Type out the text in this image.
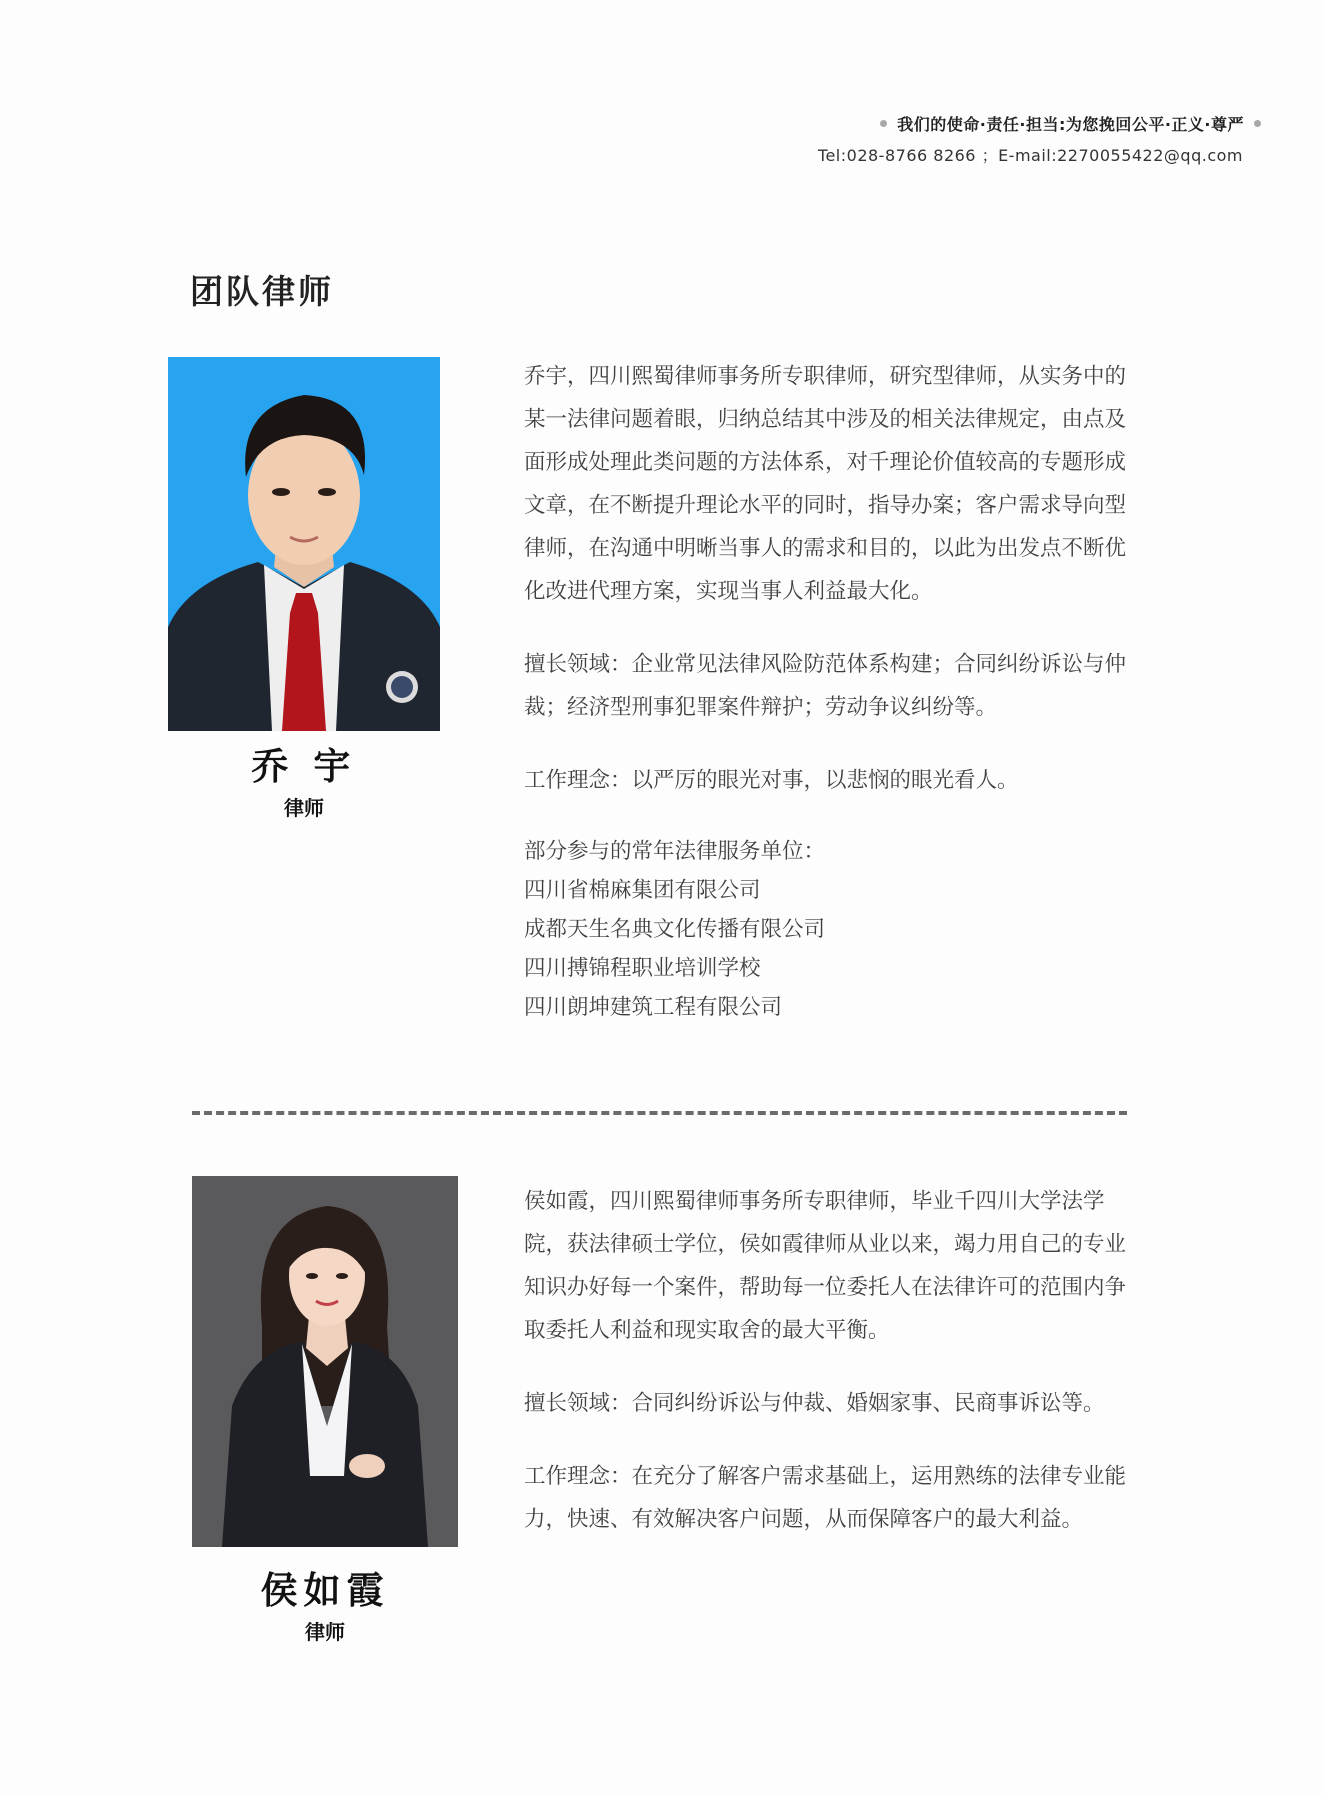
我们的使命·责任·担当:为您挽回公平·正义·尊严
Tel:028-8766 8266 ；E-mail:2270055422@qq.com
团队律师
乔 宇
律师

乔宇，四川熙蜀律师事务所专职律师，研究型律师，从实务中的某一法律问题着眼，归纳总结其中涉及的相关法律规定，由点及面形成处理此类问题的方法体系，对千理论价值较高的专题形成文章，在不断提升理论水平的同时，指导办案；客户需求导向型律师，在沟通中明晰当事人的需求和目的，以此为出发点不断优化改进代理方案，实现当事人利益最大化。

擅长领域：企业常见法律风险防范体系构建；合同纠纷诉讼与仲裁；经济型刑事犯罪案件辩护；劳动争议纠纷等。

工作理念：以严厉的眼光对事，以悲悯的眼光看人。

部分参与的常年法律服务单位：

四川省棉麻集团有限公司

成都天生名典文化传播有限公司

四川搏锦程职业培训学校

四川朗坤建筑工程有限公司

侯如霞
律师

侯如霞，四川熙蜀律师事务所专职律师，毕业千四川大学法学院，获法律硕士学位，侯如霞律师从业以来，竭力用自己的专业知识办好每一个案件，帮助每一位委托人在法律许可的范围内争取委托人利益和现实取舍的最大平衡。

擅长领域：合同纠纷诉讼与仲裁、婚姻家事、民商事诉讼等。

工作理念：在充分了解客户需求基础上，运用熟练的法律专业能力，快速、有效解决客户问题，从而保障客户的最大利益。
